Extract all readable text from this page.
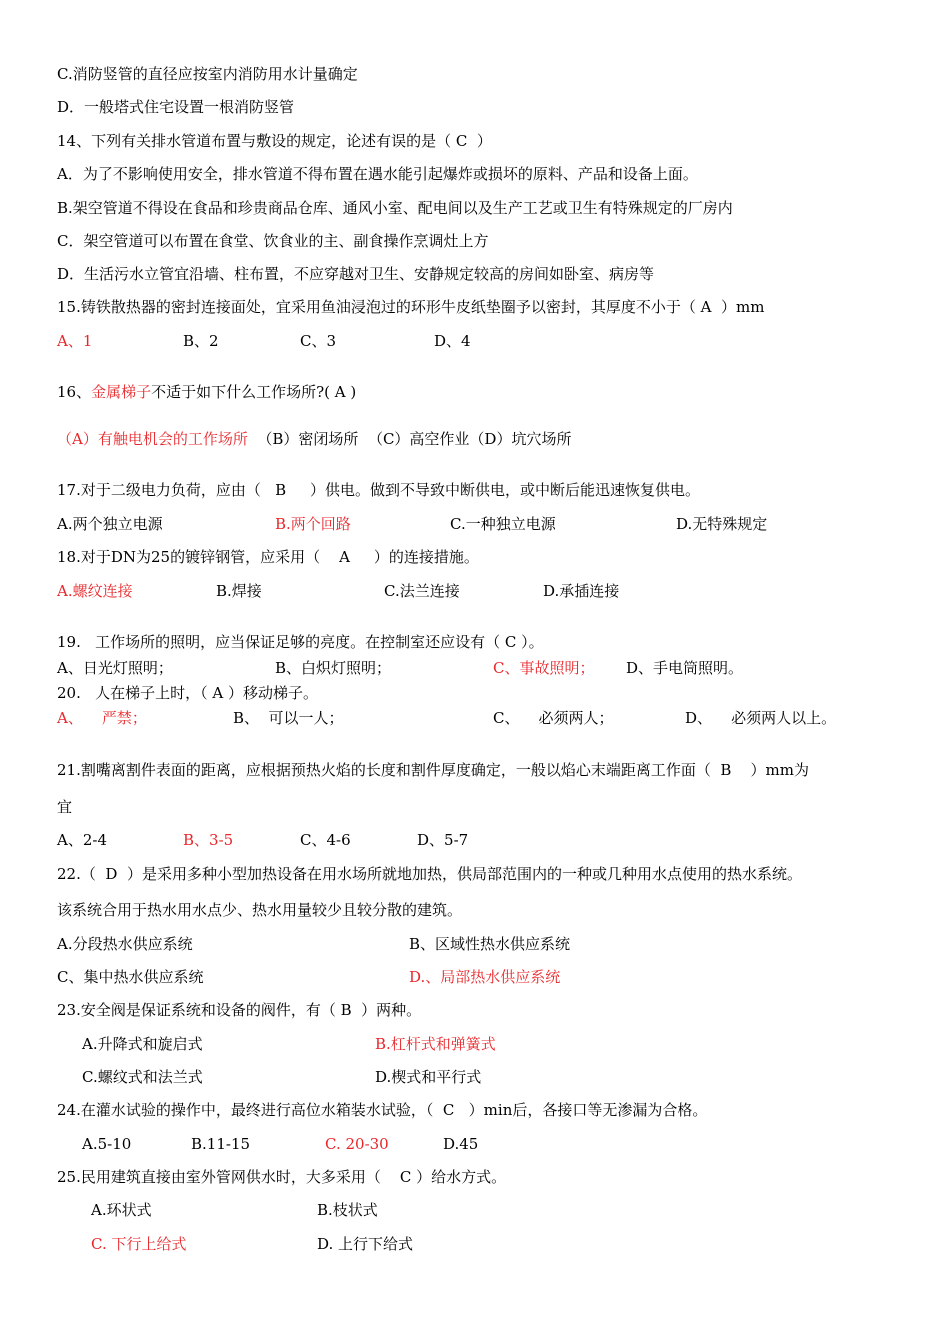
C.消防竖管的直径应按室内消防用水计量确定
D．一般塔式住宅设置一根消防竖管
14、下列有关排水管道布置与敷设的规定，论述有误的是（ C  ）
A．为了不影响使用安全，排水管道不得布置在遇水能引起爆炸或损坏的原料、产品和设备上面。
B.架空管道不得设在食品和珍贵商品仓库、通风小室、配电间以及生产工艺或卫生有特殊规定的厂房内
C．架空管道可以布置在食堂、饮食业的主、副食操作烹调灶上方
D．生活污水立管宜沿墙、柱布置，不应穿越对卫生、安静规定较高的房间如卧室、病房等
15.铸铁散热器的密封连接面处，宜采用鱼油浸泡过的环形牛皮纸垫圈予以密封，其厚度不小于（ A  ）mm
A、1	B、2	C、3	D、4
16、金属梯子不适于如下什么工作场所?( A )
（A）有触电机会的工作场所  （B）密闭场所  （C）高空作业（D）坑穴场所
17.对于二级电力负荷，应由（   B     ）供电。做到不导致中断供电，或中断后能迅速恢复供电。
A.两个独立电源	B.两个回路	C.一种独立电源	D.无特殊规定
18.对于DN为25的镀锌钢管，应采用（    A     ）的连接措施。
A.螺纹连接	B.焊接	C.法兰连接	D.承插连接
19.   工作场所的照明，应当保证足够的亮度。在控制室还应设有（ C ）。
A、日光灯照明；	B、白炽灯照明；	C、事故照明； D、手电筒照明。
20.   人在梯子上时，（ A ）移动梯子。
A、    严禁；	B、  可以一人；	C、    必须两人；	D、    必须两人以上。
21.割嘴离割件表面的距离，应根据预热火焰的长度和割件厚度确定，一般以焰心末端距离工作面（  B    ）mm为
宜
A、2-4	B、3-5	C、4-6	D、5-7
22.（  D  ）是采用多种小型加热设备在用水场所就地加热，供局部范围内的一种或几种用水点使用的热水系统。
该系统合用于热水用水点少、热水用量较少且较分散的建筑。
A.分段热水供应系统	B、区域性热水供应系统
C、集中热水供应系统	D.、局部热水供应系统
23.安全阀是保证系统和设备的阀件，有（ B  ）两种。
A.升降式和旋启式	B.杠杆式和弹簧式
C.螺纹式和法兰式	D.楔式和平行式
24.在灌水试验的操作中，最终进行高位水箱装水试验，（  C   ）min后，各接口等无渗漏为合格。
A.5-10	B.11-15	C. 20-30	D.45
25.民用建筑直接由室外管网供水时，大多采用（    C ）给水方式。
A.环状式	B.枝状式
C. 下行上给式	D. 上行下给式
